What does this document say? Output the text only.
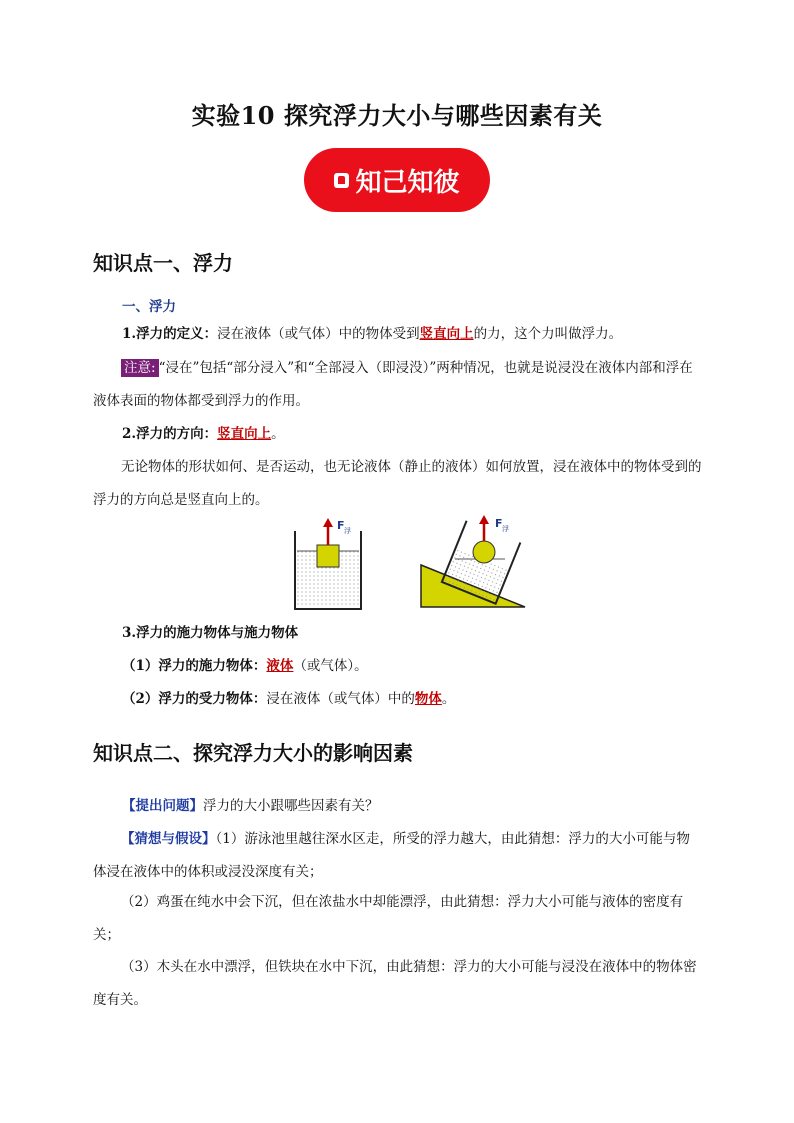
实验10 探究浮力大小与哪些因素有关
知己知彼
知识点一、浮力
一、浮力
1.浮力的定义：浸在液体（或气体）中的物体受到竖直向上的力，这个力叫做浮力。
注意: “浸在”包括“部分浸入”和“全部浸入（即浸没）”两种情况，也就是说浸没在液体内部和浮在液体表面的物体都受到浮力的作用。
2.浮力的方向：竖直向上。
无论物体的形状如何、是否运动，也无论液体（静止的液体）如何放置，浸在液体中的物体受到的浮力的方向总是竖直向上的。
F 浮
F 浮
3.浮力的施力物体与施力物体
（1）浮力的施力物体：液体（或气体）。
（2）浮力的受力物体：浸在液体（或气体）中的物体。
知识点二、探究浮力大小的影响因素
【提出问题】浮力的大小跟哪些因素有关？
【猜想与假设】（1）游泳池里越往深水区走，所受的浮力越大，由此猜想：浮力的大小可能与物体浸在液体中的体积或浸没深度有关；
（2）鸡蛋在纯水中会下沉，但在浓盐水中却能漂浮，由此猜想：浮力大小可能与液体的密度有关；
（3）木头在水中漂浮，但铁块在水中下沉，由此猜想：浮力的大小可能与浸没在液体中的物体密度有关。
